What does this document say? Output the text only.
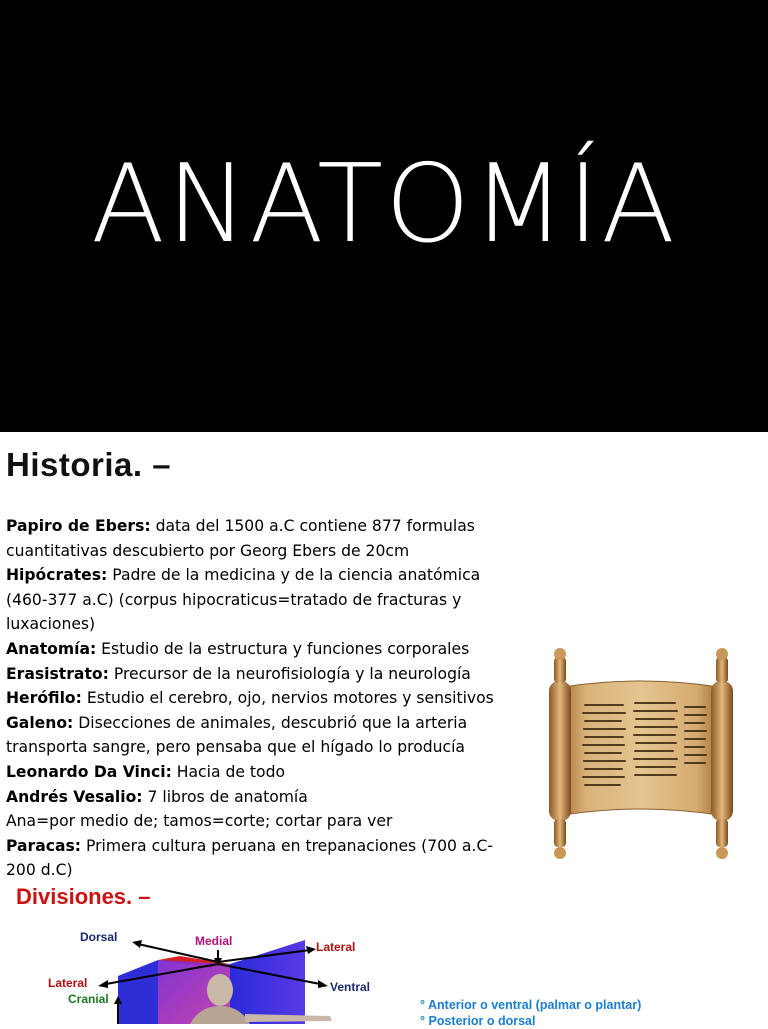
ANATOMÍA
Historia. –
Papiro de Ebers: data del 1500 a.C contiene 877 formulas cuantitativas descubierto por Georg Ebers de 20cm
Hipócrates: Padre de la medicina y de la ciencia anatómica (460-377 a.C) (corpus hipocraticus=tratado de fracturas y luxaciones)
Anatomía: Estudio de la estructura y funciones corporales
Erasistrato: Precursor de la neurofisiología y la neurología
Herófilo: Estudio el cerebro, ojo, nervios motores y sensitivos
Galeno: Disecciones de animales, descubrió que la arteria transporta sangre, pero pensaba que el hígado lo producía
Leonardo Da Vinci: Hacia de todo
Andrés Vesalio: 7 libros de anatomía
Ana=por medio de; tamos=corte; cortar para ver
Paracas: Primera cultura peruana en trepanaciones (700 a.C-200 d.C)
Divisiones. –
Dorsal	Medial	Lateral
Lateral	Ventral
Cranial
°	Anterior o ventral (palmar o plantar)
° Posterior o dorsal
